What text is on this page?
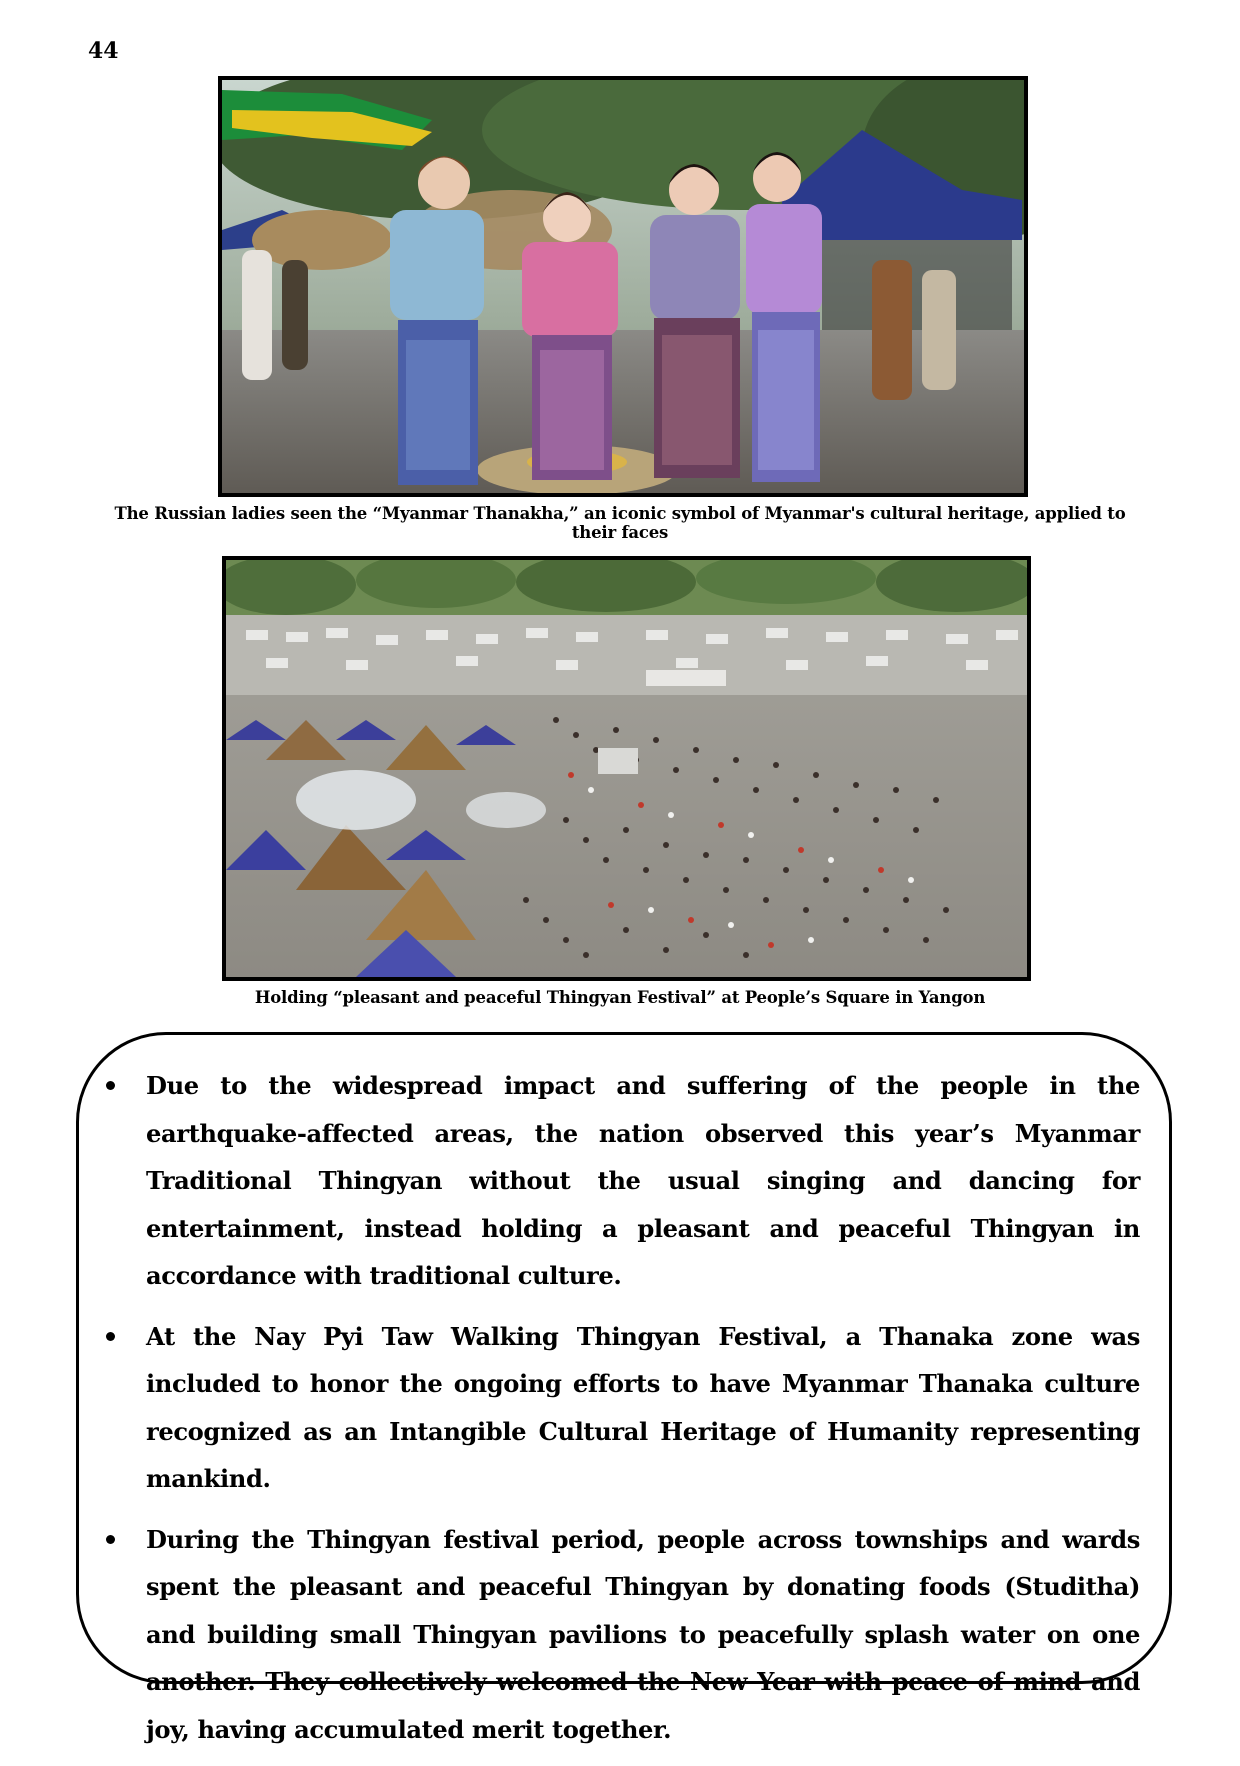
44
The Russian ladies seen the “Myanmar Thanakha,” an iconic symbol of Myanmar's cultural heritage, applied to their faces
Holding “pleasant and peaceful Thingyan Festival” at People’s Square in Yangon
Due to the widespread impact and suffering of the people in the earthquake-affected areas, the nation observed this year’s Myanmar Traditional Thingyan without the usual singing and dancing for entertainment, instead holding a pleasant and peaceful Thingyan in accordance with traditional culture.
At the Nay Pyi Taw Walking Thingyan Festival, a Thanaka zone was included to honor the ongoing efforts to have Myanmar Thanaka culture recognized as an Intangible Cultural Heritage of Humanity representing mankind.
During the Thingyan festival period, people across townships and wards spent the pleasant and peaceful Thingyan by donating foods (Studitha) and building small Thingyan pavilions to peacefully splash water on one another. They collectively welcomed the New Year with peace of mind and joy, having accumulated merit together.
